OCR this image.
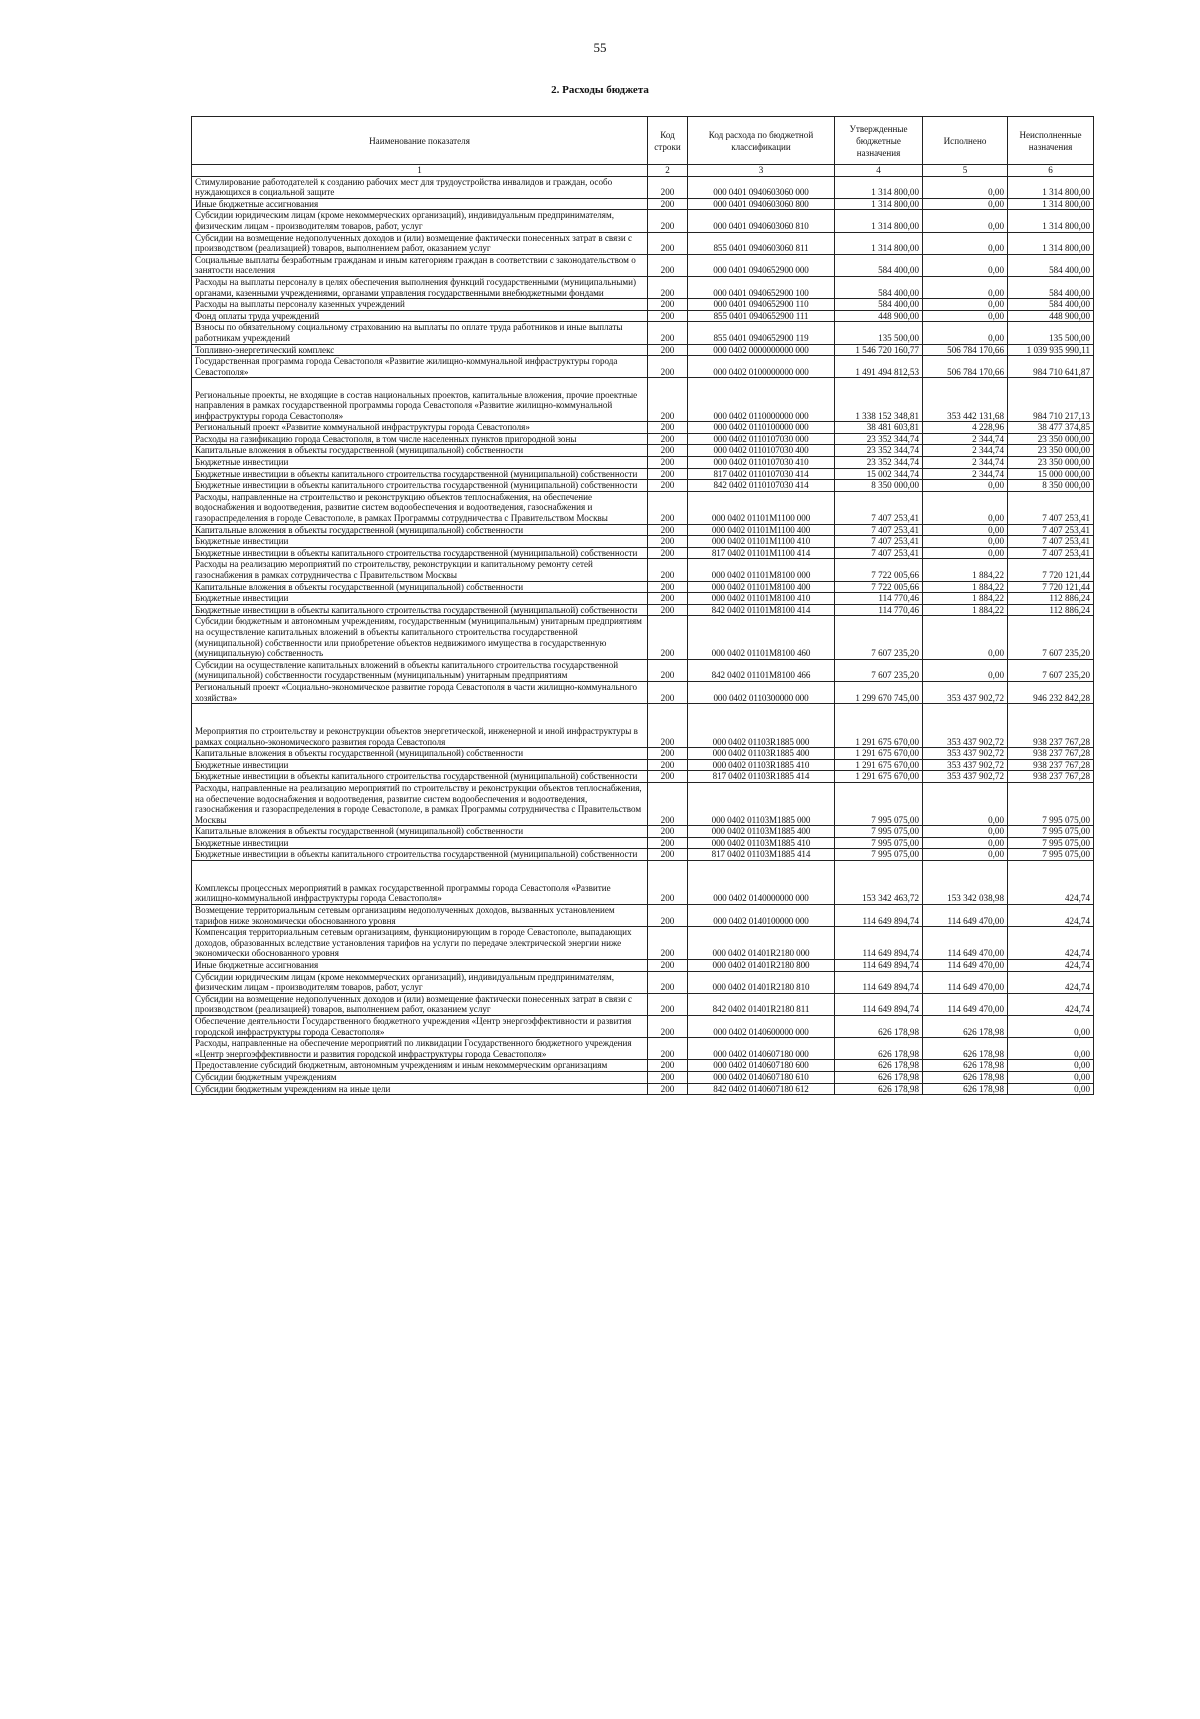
55
2. Расходы бюджета
Наименование показателя	Код строки	Код расхода по бюджетной классификации	Утвержденные бюджетные назначения	Исполнено	Неисполненные назначения
1	2	3	4	5	6
Стимулирование работодателей к созданию рабочих мест для трудоустройства инвалидов и граждан, особо нуждающихся в социальной защите	200	000 0401 0940603060 000	1 314 800,00	0,00	1 314 800,00
Иные бюджетные ассигнования	200	000 0401 0940603060 800	1 314 800,00	0,00	1 314 800,00
Субсидии юридическим лицам (кроме некоммерческих организаций), индивидуальным предпринимателям, физическим лицам - производителям товаров, работ, услуг	200	000 0401 0940603060 810	1 314 800,00	0,00	1 314 800,00
Субсидии на возмещение недополученных доходов и (или) возмещение фактически понесенных затрат в связи с производством (реализацией) товаров, выполнением работ, оказанием услуг	200	855 0401 0940603060 811	1 314 800,00	0,00	1 314 800,00
Социальные выплаты безработным гражданам и иным категориям граждан в соответствии с законодательством о занятости населения	200	000 0401 0940652900 000	584 400,00	0,00	584 400,00
Расходы на выплаты персоналу в целях обеспечения выполнения функций государственными (муниципальными) органами, казенными учреждениями, органами управления государственными внебюджетными фондами	200	000 0401 0940652900 100	584 400,00	0,00	584 400,00
Расходы на выплаты персоналу казенных учреждений	200	000 0401 0940652900 110	584 400,00	0,00	584 400,00
Фонд оплаты труда учреждений	200	855 0401 0940652900 111	448 900,00	0,00	448 900,00
Взносы по обязательному социальному страхованию на выплаты по оплате труда работников и иные выплаты работникам учреждений	200	855 0401 0940652900 119	135 500,00	0,00	135 500,00
Топливно-энергетический комплекс	200	000 0402 0000000000 000	1 546 720 160,77	506 784 170,66	1 039 935 990,11
Государственная программа города Севастополя «Развитие жилищно-коммунальной инфраструктуры города Севастополя»	200	000 0402 0100000000 000	1 491 494 812,53	506 784 170,66	984 710 641,87
Региональные проекты, не входящие в состав национальных проектов, капитальные вложения, прочие проектные направления в рамках государственной программы города Севастополя «Развитие жилищно-коммунальной инфраструктуры города Севастополя»	200	000 0402 0110000000 000	1 338 152 348,81	353 442 131,68	984 710 217,13
Региональный проект «Развитие коммунальной инфраструктуры города Севастополя»	200	000 0402 0110100000 000	38 481 603,81	4 228,96	38 477 374,85
Расходы на газификацию города Севастополя, в том числе населенных пунктов пригородной зоны	200	000 0402 0110107030 000	23 352 344,74	2 344,74	23 350 000,00
Капитальные вложения в объекты государственной (муниципальной) собственности	200	000 0402 0110107030 400	23 352 344,74	2 344,74	23 350 000,00
Бюджетные инвестиции	200	000 0402 0110107030 410	23 352 344,74	2 344,74	23 350 000,00
Бюджетные инвестиции в объекты капитального строительства государственной (муниципальной) собственности	200	817 0402 0110107030 414	15 002 344,74	2 344,74	15 000 000,00
Бюджетные инвестиции в объекты капитального строительства государственной (муниципальной) собственности	200	842 0402 0110107030 414	8 350 000,00	0,00	8 350 000,00
Расходы, направленные на строительство и реконструкцию объектов теплоснабжения, на обеспечение водоснабжения и водоотведения, развитие систем водообеспечения и водоотведения, газоснабжения и газораспределения в городе Севастополе, в рамках Программы сотрудничества с Правительством Москвы	200	000 0402 01101M1100 000	7 407 253,41	0,00	7 407 253,41
Капитальные вложения в объекты государственной (муниципальной) собственности	200	000 0402 01101M1100 400	7 407 253,41	0,00	7 407 253,41
Бюджетные инвестиции	200	000 0402 01101M1100 410	7 407 253,41	0,00	7 407 253,41
Бюджетные инвестиции в объекты капитального строительства государственной (муниципальной) собственности	200	817 0402 01101M1100 414	7 407 253,41	0,00	7 407 253,41
Расходы на реализацию мероприятий по строительству, реконструкции и капитальному ремонту сетей газоснабжения в рамках сотрудничества с Правительством Москвы	200	000 0402 01101M8100 000	7 722 005,66	1 884,22	7 720 121,44
Капитальные вложения в объекты государственной (муниципальной) собственности	200	000 0402 01101M8100 400	7 722 005,66	1 884,22	7 720 121,44
Бюджетные инвестиции	200	000 0402 01101M8100 410	114 770,46	1 884,22	112 886,24
Бюджетные инвестиции в объекты капитального строительства государственной (муниципальной) собственности	200	842 0402 01101M8100 414	114 770,46	1 884,22	112 886,24
Субсидии бюджетным и автономным учреждениям, государственным (муниципальным) унитарным предприятиям на осуществление капитальных вложений в объекты капитального строительства государственной (муниципальной) собственности или приобретение объектов недвижимого имущества в государственную (муниципальную) собственность	200	000 0402 01101M8100 460	7 607 235,20	0,00	7 607 235,20
Субсидии на осуществление капитальных вложений в объекты капитального строительства государственной (муниципальной) собственности государственным (муниципальным) унитарным предприятиям	200	842 0402 01101M8100 466	7 607 235,20	0,00	7 607 235,20
Региональный проект «Социально-экономическое развитие города Севастополя в части жилищно-коммунального хозяйства»	200	000 0402 0110300000 000	1 299 670 745,00	353 437 902,72	946 232 842,28
Мероприятия по строительству и реконструкции объектов энергетической, инженерной и иной инфраструктуры в рамках социально-экономического развития города Севастополя	200	000 0402 01103R1885 000	1 291 675 670,00	353 437 902,72	938 237 767,28
Капитальные вложения в объекты государственной (муниципальной) собственности	200	000 0402 01103R1885 400	1 291 675 670,00	353 437 902,72	938 237 767,28
Бюджетные инвестиции	200	000 0402 01103R1885 410	1 291 675 670,00	353 437 902,72	938 237 767,28
Бюджетные инвестиции в объекты капитального строительства государственной (муниципальной) собственности	200	817 0402 01103R1885 414	1 291 675 670,00	353 437 902,72	938 237 767,28
Расходы, направленные на реализацию мероприятий по строительству и реконструкции объектов теплоснабжения, на обеспечение водоснабжения и водоотведения, развитие систем водообеспечения и водоотведения, газоснабжения и газораспределения в городе Севастополе, в рамках Программы сотрудничества с Правительством Москвы	200	000 0402 01103M1885 000	7 995 075,00	0,00	7 995 075,00
Капитальные вложения в объекты государственной (муниципальной) собственности	200	000 0402 01103M1885 400	7 995 075,00	0,00	7 995 075,00
Бюджетные инвестиции	200	000 0402 01103M1885 410	7 995 075,00	0,00	7 995 075,00
Бюджетные инвестиции в объекты капитального строительства государственной (муниципальной) собственности	200	817 0402 01103M1885 414	7 995 075,00	0,00	7 995 075,00
Комплексы процессных мероприятий в рамках государственной программы города Севастополя «Развитие жилищно-коммунальной инфраструктуры города Севастополя»	200	000 0402 0140000000 000	153 342 463,72	153 342 038,98	424,74
Возмещение территориальным сетевым организациям недополученных доходов, вызванных установлением тарифов ниже экономически обоснованного уровня	200	000 0402 0140100000 000	114 649 894,74	114 649 470,00	424,74
Компенсация территориальным сетевым организациям, функционирующим в городе Севастополе, выпадающих доходов, образованных вследствие установления тарифов на услуги по передаче электрической энергии ниже экономически обоснованного уровня	200	000 0402 01401R2180 000	114 649 894,74	114 649 470,00	424,74
Иные бюджетные ассигнования	200	000 0402 01401R2180 800	114 649 894,74	114 649 470,00	424,74
Субсидии юридическим лицам (кроме некоммерческих организаций), индивидуальным предпринимателям, физическим лицам - производителям товаров, работ, услуг	200	000 0402 01401R2180 810	114 649 894,74	114 649 470,00	424,74
Субсидии на возмещение недополученных доходов и (или) возмещение фактически понесенных затрат в связи с производством (реализацией) товаров, выполнением работ, оказанием услуг	200	842 0402 01401R2180 811	114 649 894,74	114 649 470,00	424,74
Обеспечение деятельности Государственного бюджетного учреждения «Центр энергоэффективности и развития городской инфраструктуры города Севастополя»	200	000 0402 0140600000 000	626 178,98	626 178,98	0,00
Расходы, направленные на обеспечение мероприятий по ликвидации Государственного бюджетного учреждения «Центр энергоэффективности и развития городской инфраструктуры города Севастополя»	200	000 0402 0140607180 000	626 178,98	626 178,98	0,00
Предоставление субсидий бюджетным, автономным учреждениям и иным некоммерческим организациям	200	000 0402 0140607180 600	626 178,98	626 178,98	0,00
Субсидии бюджетным учреждениям	200	000 0402 0140607180 610	626 178,98	626 178,98	0,00
Субсидии бюджетным учреждениям на иные цели	200	842 0402 0140607180 612	626 178,98	626 178,98	0,00
